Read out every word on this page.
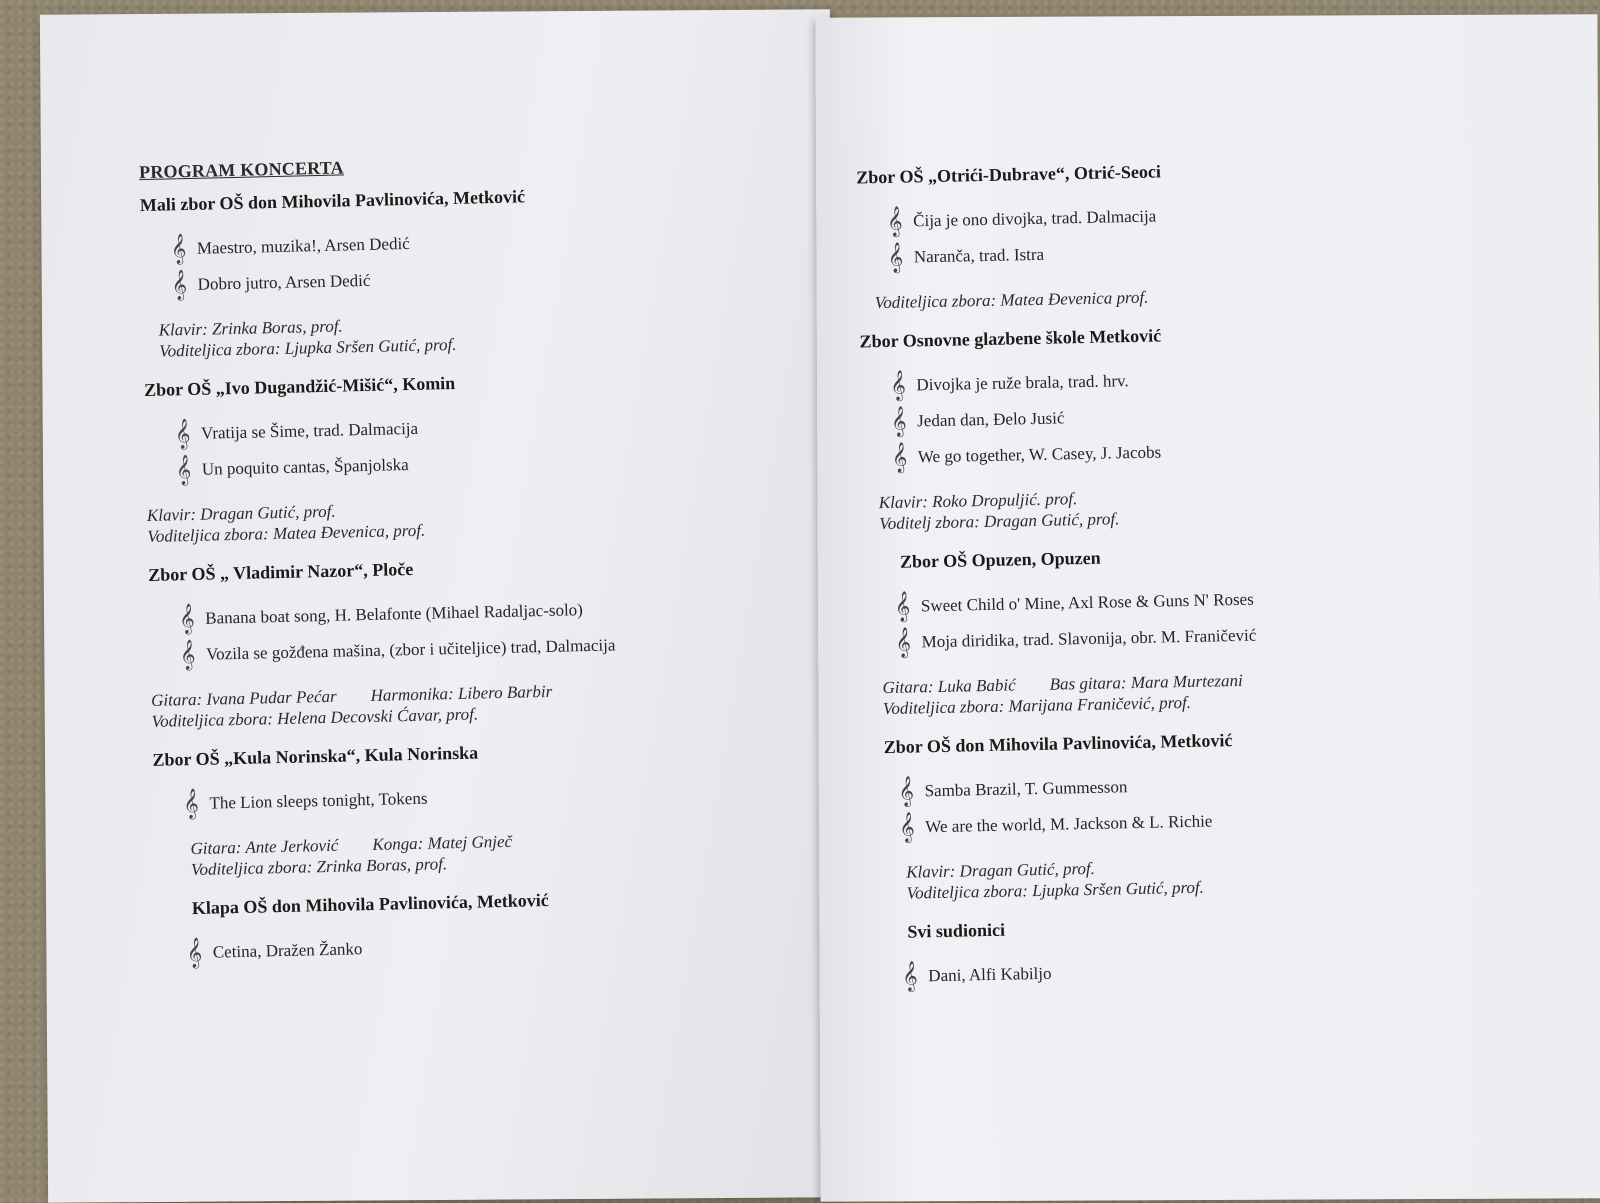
PROGRAM KONCERTA
Mali zbor OŠ don Mihovila Pavlinovića, Metković
𝄞 Maestro, muzika!, Arsen Dedić
𝄞 Dobro jutro, Arsen Dedić
Klavir: Zrinka Boras, prof.
Voditeljica zbora: Ljupka Sršen Gutić, prof.
Zbor OŠ „Ivo Dugandžić-Mišić“, Komin
𝄞 Vratija se Šime, trad. Dalmacija
𝄞 Un poquito cantas, Španjolska
Klavir: Dragan Gutić, prof.
Voditeljica zbora: Matea Đevenica, prof.
Zbor OŠ „ Vladimir Nazor“, Ploče
𝄞 Banana boat song, H. Belafonte (Mihael Radaljac-solo)
𝄞 Vozila se gožđena mašina, (zbor i učiteljice) trad, Dalmacija
Gitara: Ivana Pudar Pećar Harmonika: Libero Barbir
Voditeljica zbora: Helena Decovski Ćavar, prof.
Zbor OŠ „Kula Norinska“, Kula Norinska
𝄞 The Lion sleeps tonight, Tokens
Gitara: Ante Jerković Konga: Matej Gnječ
Voditeljica zbora: Zrinka Boras, prof.
Klapa OŠ don Mihovila Pavlinovića, Metković
𝄞 Cetina, Dražen Žanko
Zbor OŠ „Otrići-Dubrave“, Otrić-Seoci
𝄞 Čija je ono divojka, trad. Dalmacija
𝄞 Naranča, trad. Istra
Voditeljica zbora: Matea Đevenica prof.
Zbor Osnovne glazbene škole Metković
𝄞 Divojka je ruže brala, trad. hrv.
𝄞 Jedan dan, Đelo Jusić
𝄞 We go together, W. Casey, J. Jacobs
Klavir: Roko Dropuljić. prof.
Voditelj zbora: Dragan Gutić, prof.
Zbor OŠ Opuzen, Opuzen
𝄞 Sweet Child o' Mine, Axl Rose & Guns N' Roses
𝄞 Moja diridika, trad. Slavonija, obr. M. Franičević
Gitara: Luka Babić Bas gitara: Mara Murtezani
Voditeljica zbora: Marijana Franičević, prof.
Zbor OŠ don Mihovila Pavlinovića, Metković
𝄞 Samba Brazil, T. Gummesson
𝄞 We are the world, M. Jackson & L. Richie
Klavir: Dragan Gutić, prof.
Voditeljica zbora: Ljupka Sršen Gutić, prof.
Svi sudionici
𝄞 Dani, Alfi Kabiljo
